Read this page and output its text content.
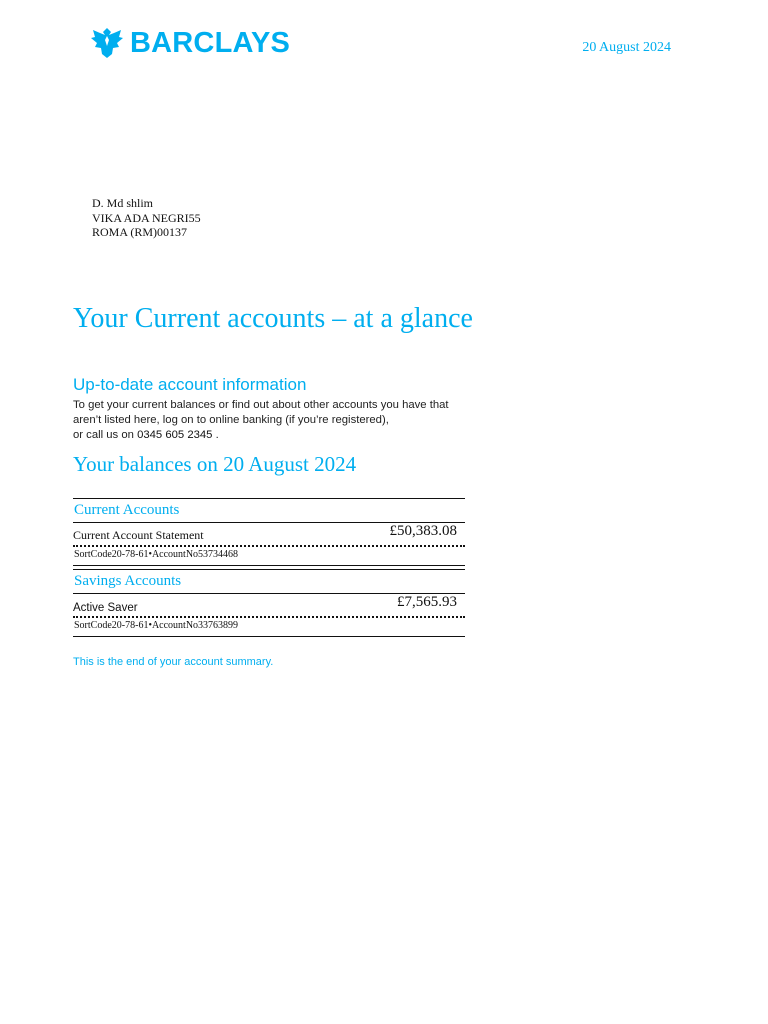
BARCLAYS	20 August 2024
D. Md shlim
VIKA ADA NEGRI55
ROMA (RM)00137
Your Current accounts – at a glance
Up-to-date account information
To get your current balances or find out about other accounts you have that
aren’t listed here, log on to online banking (if you’re registered),
or call us on 0345 605 2345 .
Your balances on 20 August 2024
Current Accounts
Current Account Statement	£50,383.08
SortCode20-78-61•AccountNo53734468
Savings Accounts
Active Saver	£7,565.93
SortCode20-78-61•AccountNo33763899
This is the end of your account summary.
